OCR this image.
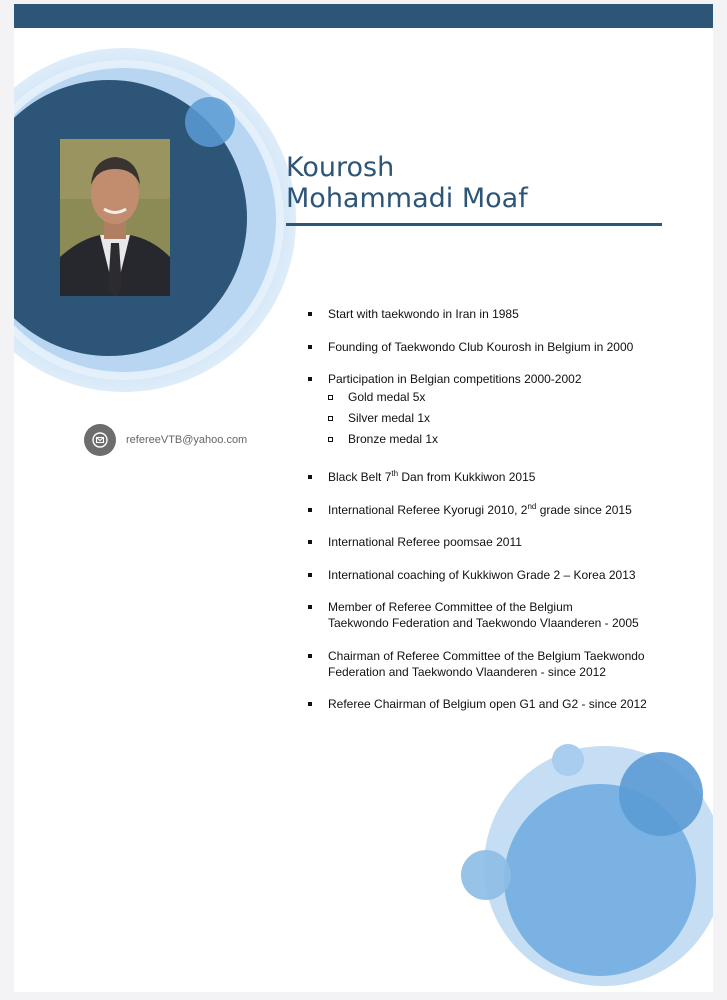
Kourosh
Mohammadi Moaf
refereeVTB@yahoo.com
Start with taekwondo in Iran in 1985
Founding of Taekwondo Club Kourosh in Belgium in 2000
Participation in Belgian competitions 2000-2002
Gold medal 5x
Silver medal 1x
Bronze medal 1x
Black Belt 7th Dan from Kukkiwon 2015
International Referee Kyorugi 2010, 2nd grade since 2015
International Referee poomsae 2011
International coaching of Kukkiwon Grade 2 – Korea 2013
Member of Referee Committee of the Belgium
Taekwondo Federation and Taekwondo Vlaanderen - 2005
Chairman of Referee Committee of the Belgium Taekwondo
Federation and Taekwondo Vlaanderen - since 2012
Referee Chairman of Belgium open G1 and G2 - since 2012
